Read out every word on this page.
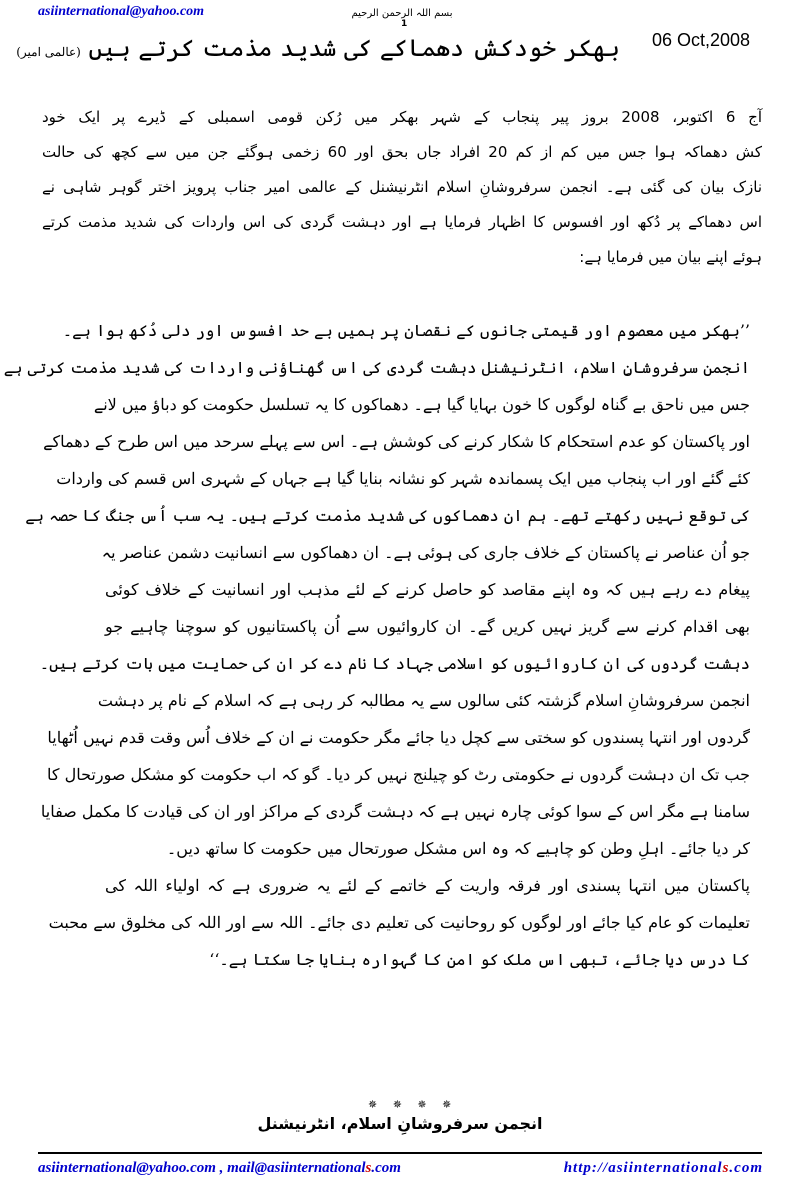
asiinternational@yahoo.com	بسم اللہ الرحمن الرحیم
1
06 Oct,2008
بھکر خودکش دھماکے کی شدید مذمت کرتے ہیں (عالمی امیر)
آج 6 اکتوبر، 2008 بروز پیر پنجاب کے شہر بھکر میں رُکن قومی اسمبلی کے ڈیرے پر ایک خود
کش دھماکہ ہوا جس میں کم از کم 20 افراد جاں بحق اور 60 زخمی ہوگئے جن میں سے کچھ کی حالت
نازک بیان کی گئی ہے۔ انجمن سرفروشانِ اسلام انٹرنیشنل کے عالمی امیر جناب پرویز اختر گوہر شاہی نے
اس دھماکے پر دُکھ اور افسوس کا اظہار فرمایا ہے اور دہشت گردی کی اس واردات کی شدید مذمت کرتے
ہوئے اپنے بیان میں فرمایا ہے:
’’بھکر میں معصوم اور قیمتی جانوں کے نقصان پر ہمیں بے حد افسوس اور دلی دُکھ ہوا ہے۔
انجمن سرفروشانِ اسلام، انٹرنیشنل دہشت گردی کی اس گھناؤنی واردات کی شدید مذمت کرتی ہے
جس میں ناحق بے گناہ لوگوں کا خون بہایا گیا ہے۔ دھماکوں کا یہ تسلسل حکومت کو دباؤ میں لانے
اور پاکستان کو عدم استحکام کا شکار کرنے کی کوشش ہے۔ اس سے پہلے سرحد میں اس طرح کے دھماکے
کئے گئے اور اب پنجاب میں ایک پسماندہ شہر کو نشانہ بنایا گیا ہے جہاں کے شہری اس قسم کی واردات
کی توقع نہیں رکھتے تھے۔ ہم ان دھماکوں کی شدید مذمت کرتے ہیں۔ یہ سب اُس جنگ کا حصہ ہے
جو اُن عناصر نے پاکستان کے خلاف جاری کی ہوئی ہے۔ ان دھماکوں سے انسانیت دشمن عناصر یہ
پیغام دے رہے ہیں کہ وہ اپنے مقاصد کو حاصل کرنے کے لئے مذہب اور انسانیت کے خلاف کوئی
بھی اقدام کرنے سے گریز نہیں کریں گے۔ ان کاروائیوں سے اُن پاکستانیوں کو سوچنا چاہیے جو
دہشت گردوں کی ان کاروائیوں کو اسلامی جہاد کا نام دے کر ان کی حمایت میں بات کرتے ہیں۔
انجمن سرفروشانِ اسلام گزشتہ کئی سالوں سے یہ مطالبہ کر رہی ہے کہ اسلام کے نام پر دہشت
گردوں اور انتہا پسندوں کو سختی سے کچل دیا جائے مگر حکومت نے ان کے خلاف اُس وقت قدم نہیں اُٹھایا
جب تک ان دہشت گردوں نے حکومتی رٹ کو چیلنج نہیں کر دیا۔ گو کہ اب حکومت کو مشکل صورتحال کا
سامنا ہے مگر اس کے سوا کوئی چارہ نہیں ہے کہ دہشت گردی کے مراکز اور ان کی قیادت کا مکمل صفایا
کر دیا جائے۔ اہلِ وطن کو چاہیے کہ وہ اس مشکل صورتحال میں حکومت کا ساتھ دیں۔
پاکستان میں انتہا پسندی اور فرقہ واریت کے خاتمے کے لئے یہ ضروری ہے کہ اولیاء اللہ کی
تعلیمات کو عام کیا جائے اور لوگوں کو روحانیت کی تعلیم دی جائے۔ اللہ سے اور اللہ کی مخلوق سے محبت
کا درس دیا جائے، تبھی اس ملک کو امن کا گہوارہ بنایا جا سکتا ہے۔‘‘
✵ ✵ ✵ ✵
انجمن سرفروشانِ اسلام، انٹرنیشنل
asiinternational@yahoo.com , mail@asiinternationals.com	http://asiinternationals.com
